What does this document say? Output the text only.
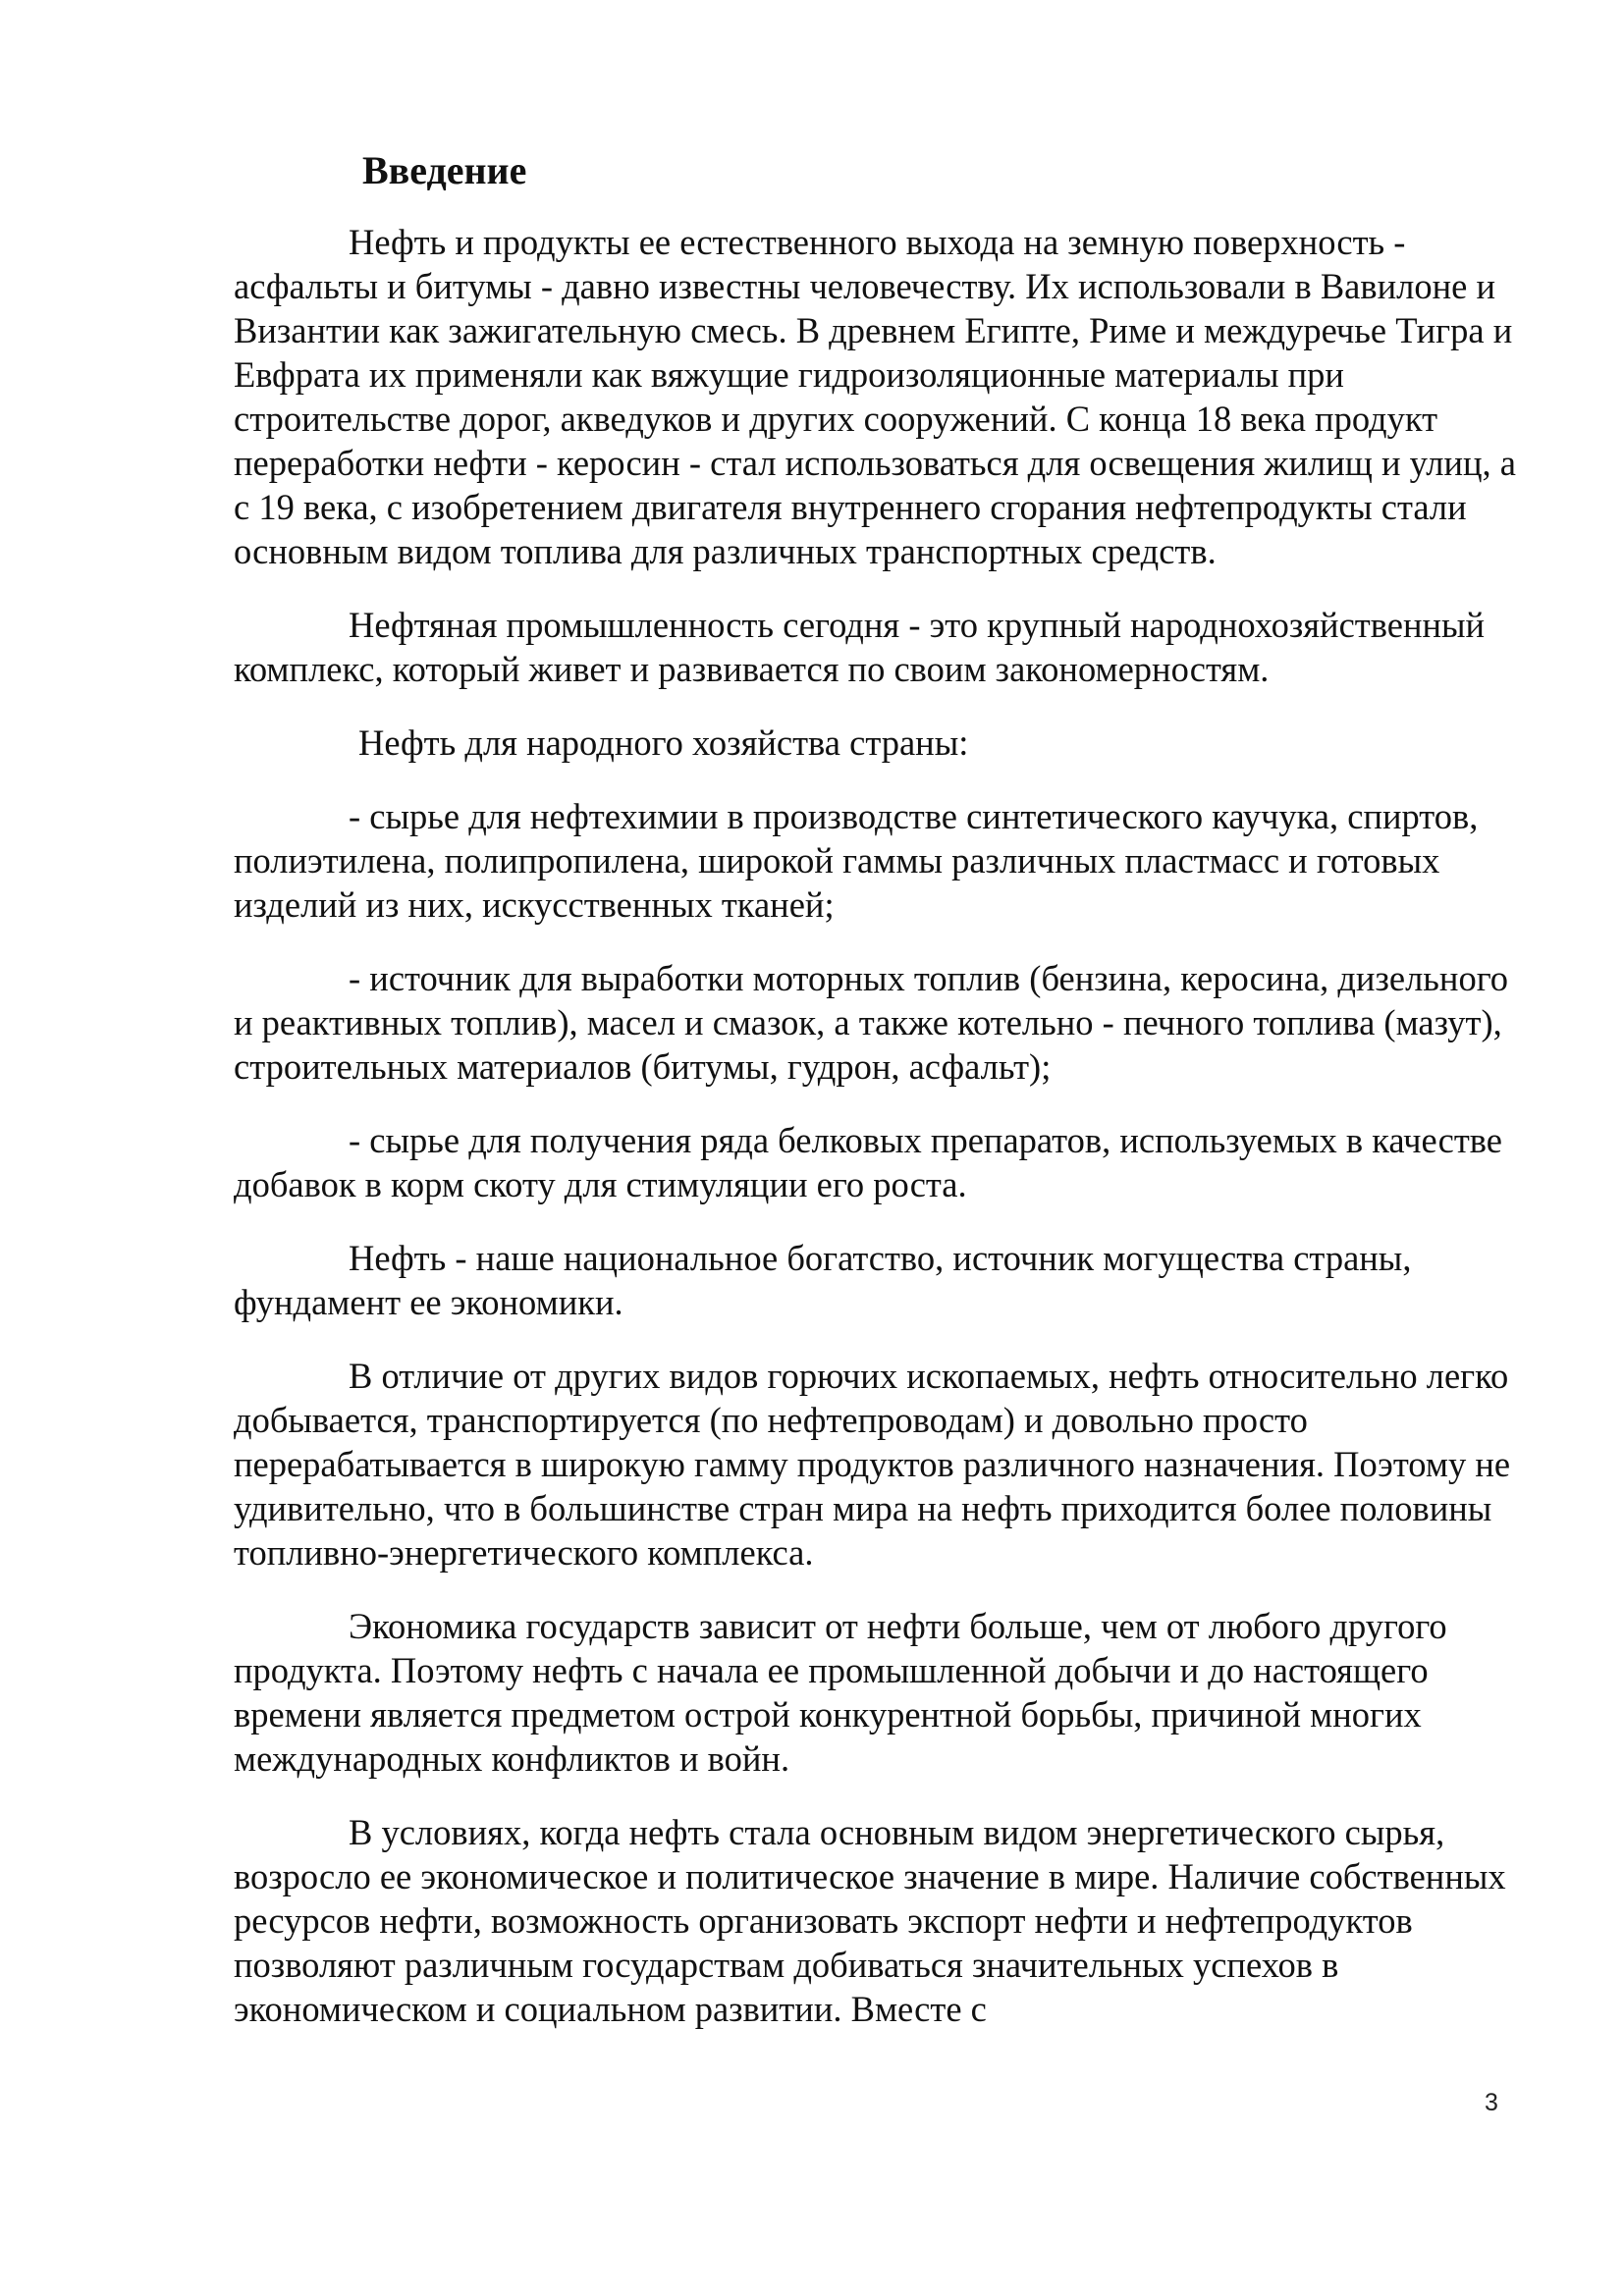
Введение

Нефть и продукты ее естественного выхода на земную поверхность - асфальты и битумы - давно известны человечеству. Их использовали в Вавилоне и Византии как зажигательную смесь. В древнем Египте, Риме и междуречье Тигра и Евфрата их применяли как вяжущие гидроизоляционные материалы при строительстве дорог, акведуков и других сооружений. С конца 18 века продукт переработки нефти - керосин - стал использоваться для освещения жилищ и улиц, а с 19 века, с изобретением двигателя внутреннего сгорания нефтепродукты стали основным видом топлива для различных транспортных средств.

Нефтяная промышленность сегодня - это крупный народнохозяйственный комплекс, который живет и развивается по своим закономерностям.

Нефть для народного хозяйства страны:

- сырье для нефтехимии в производстве синтетического каучука, спиртов, полиэтилена, полипропилена, широкой гаммы различных пластмасс и готовых изделий из них, искусственных тканей;

- источник для выработки моторных топлив (бензина, керосина, дизельного и реактивных топлив), масел и смазок, а также котельно - печного топлива (мазут), строительных материалов (битумы, гудрон, асфальт);

- сырье для получения ряда белковых препаратов, используемых в качестве добавок в корм скоту для стимуляции его роста.

Нефть - наше национальное богатство, источник могущества страны, фундамент ее экономики.

В отличие от других видов горючих ископаемых, нефть относительно легко добывается, транспортируется (по нефтепроводам) и довольно просто перерабатывается в широкую гамму продуктов различного назначения. Поэтому не удивительно, что в большинстве стран мира на нефть приходится более половины топливно-энергетического комплекса.

Экономика государств зависит от нефти больше, чем от любого другого продукта. Поэтому нефть с начала ее промышленной добычи и до настоящего времени является предметом острой конкурентной борьбы, причиной многих международных конфликтов и войн.

В условиях, когда нефть стала основным видом энергетического сырья, возросло ее экономическое и политическое значение в мире. Наличие собственных ресурсов нефти, возможность организовать экспорт нефти и нефтепродуктов позволяют различным государствам добиваться значительных успехов в экономическом и социальном развитии. Вместе с

3
